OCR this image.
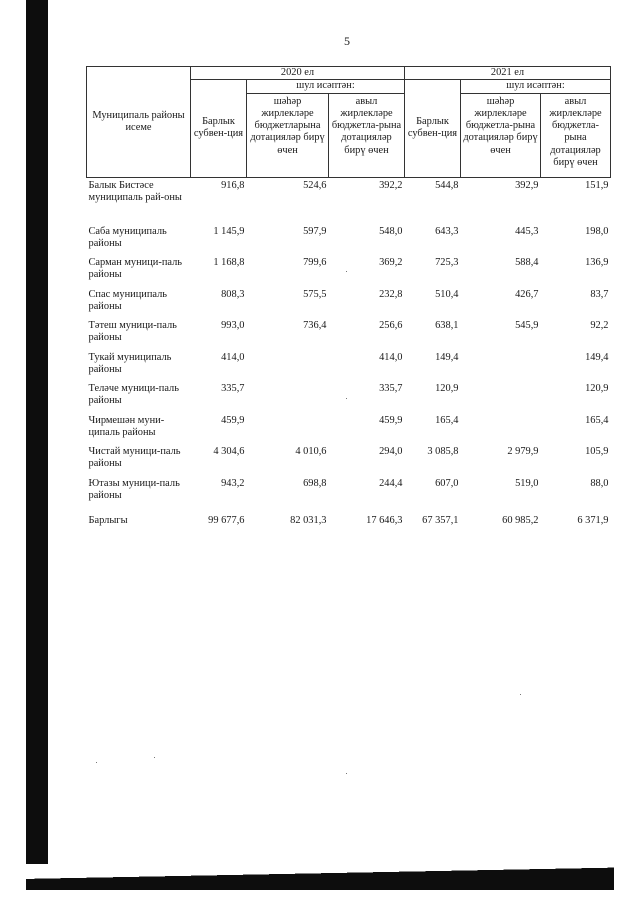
5
Муниципаль районы исеме	2020 ел			2021 ел		
	Барлык субвен-ция	шул исәптән:		Барлык субвен-ция	шул исәптән:	
		шәһәр жирлекләре бюджетларына дотацияләр бирү өчен	авыл жирлекләре бюджетла-рына дотацияләр бирү өчен		шәһәр жирлекләре бюджетла-рына дотацияләр бирү өчен	авыл жирлекләре бюджетла-рына дотацияләр бирү өчен
Балык Бистәсе муниципаль рай-оны	916,8	524,6	392,2	544,8	392,9	151,9
Саба муниципаль районы	1 145,9	597,9	548,0	643,3	445,3	198,0
Сарман муници-паль районы	1 168,8	799,6	369,2	725,3	588,4	136,9
Спас муниципаль районы	808,3	575,5	232,8	510,4	426,7	83,7
Тәтеш муници-паль районы	993,0	736,4	256,6	638,1	545,9	92,2
Тукай муниципаль районы	414,0		414,0	149,4		149,4
Теләче муници-паль районы	335,7		335,7	120,9		120,9
Чирмешән муни-ципаль районы	459,9		459,9	165,4		165,4
Чистай муници-паль районы	4 304,6	4 010,6	294,0	3 085,8	2 979,9	105,9
Ютазы муници-паль районы	943,2	698,8	244,4	607,0	519,0	88,0
Барлыгы	99 677,6	82 031,3	17 646,3	67 357,1	60 985,2	6 371,9
